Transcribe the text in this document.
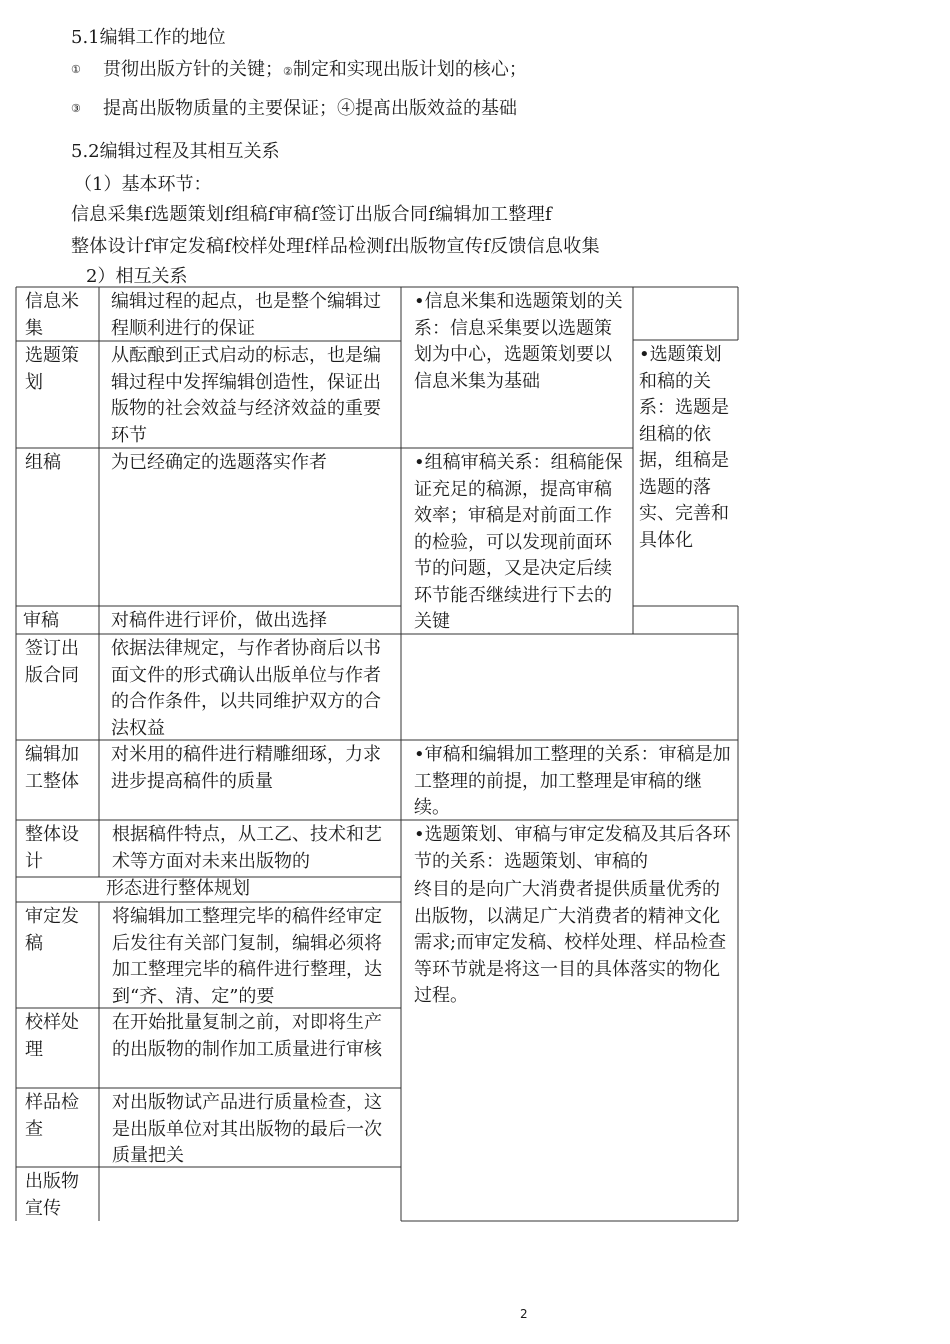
5.1编辑工作的地位
① 贯彻出版方针的关键；②制定和实现出版计划的核心；
③ 提髙出版物质量的主要保证；④提髙出版效益的基础
5.2编辑过程及其相互关系
（1）基本环节：
信息采集f选题策划f组稿f审稿f签订出版合同f编辑加工整理f
整体设计f审定发稿f校样处理f样品检测f出版物宣传f反馈信息收集
2）相互关系
信息米集
选题策划
组稿
审稿
签订出版合同
编辑加工整体
整体设计
审定发稿
校样处理
样品检查
出版物宣传
编辑过程的起点，也是整个编辑过程顺利进行的保证
从酝酿到正式启动的标志，也是编辑过程中发挥编辑创造性，保证出版物的社会效益与经济效益的重要环节
为已经确定的选题落实作者
对稿件进行评价，做出选择
依据法律规定，与作者协商后以书面文件的形式确认出版单位与作者的合作条件，以共同维护双方的合法权益
对米用的稿件进行精雕细琢，力求进步提高稿件的质量
根据稿件特点，从工乙、技术和艺术等方面对未来出版物的
形态进行整体规划
将编辑加工整理完毕的稿件经审定后发往有关部门复制，编辑必须将加工整理完毕的稿件进行整理，达到“齐、清、定”的要
在开始批量复制之前，对即将生产的出版物的制作加工质量进行审核
对出版物试产品进行质量检查，这是出版单位对其出版物的最后一次质量把关
•信息米集和选题策划的关系：信息采集要以选题策划为中心，选题策划要以信息米集为基础
•选题策划和稿的关系：选题是组稿的依据，组稿是选题的落实、完善和具体化
•组稿审稿关系：组稿能保证充足的稿源，提高审稿效率；审稿是对前面工作的检验，可以发现前面环节的问题，又是决定后续环节能否继续进行下去的关键
•审稿和编辑加工整理的关系：审稿是加工整理的前提，加工整理是审稿的继续。
•选题策划、审稿与审定发稿及其后各环节的关系：选题策划、审稿的
终目的是向广大消费者提供质量优秀的出版物，以满足广大消费者的精神文化需求;而审定发稿、校样处理、样品检查等环节就是将这一目的具体落实的物化过程。
2
